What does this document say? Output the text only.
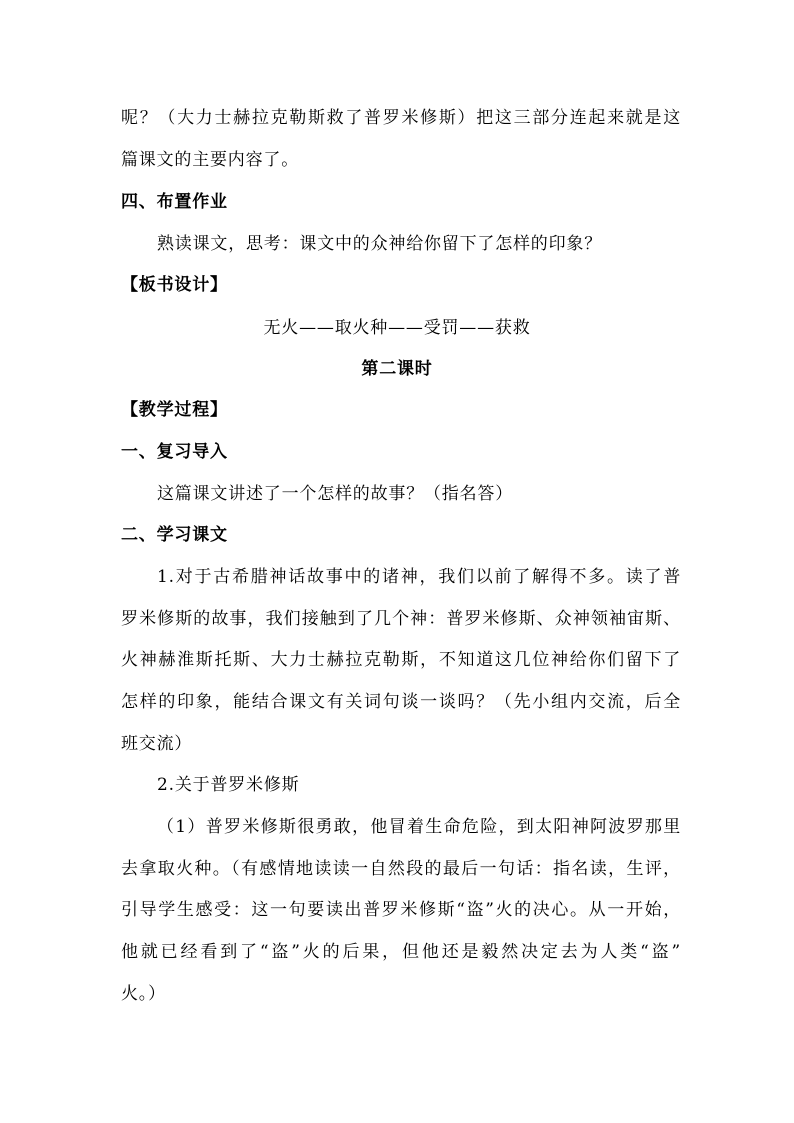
呢？（大力士赫拉克勒斯救了普罗米修斯）把这三部分连起来就是这
篇课文的主要内容了。
四、布置作业
熟读课文，思考：课文中的众神给你留下了怎样的印象？
【板书设计】
无火——取火种——受罚——获救
第二课时
【教学过程】
一、复习导入
这篇课文讲述了一个怎样的故事？（指名答）
二、学习课文
1.对于古希腊神话故事中的诸神，我们以前了解得不多。读了普
罗米修斯的故事，我们接触到了几个神：普罗米修斯、众神领袖宙斯、
火神赫淮斯托斯、大力士赫拉克勒斯，不知道这几位神给你们留下了
怎样的印象，能结合课文有关词句谈一谈吗？（先小组内交流，后全
班交流）
2.关于普罗米修斯
（1）普罗米修斯很勇敢，他冒着生命危险，到太阳神阿波罗那里
去拿取火种。（有感情地读读一自然段的最后一句话：指名读，生评，
引导学生感受：这一句要读出普罗米修斯“盗”火的决心。从一开始，
他就已经看到了“盗”火的后果，但他还是毅然决定去为人类“盗”
火。）
